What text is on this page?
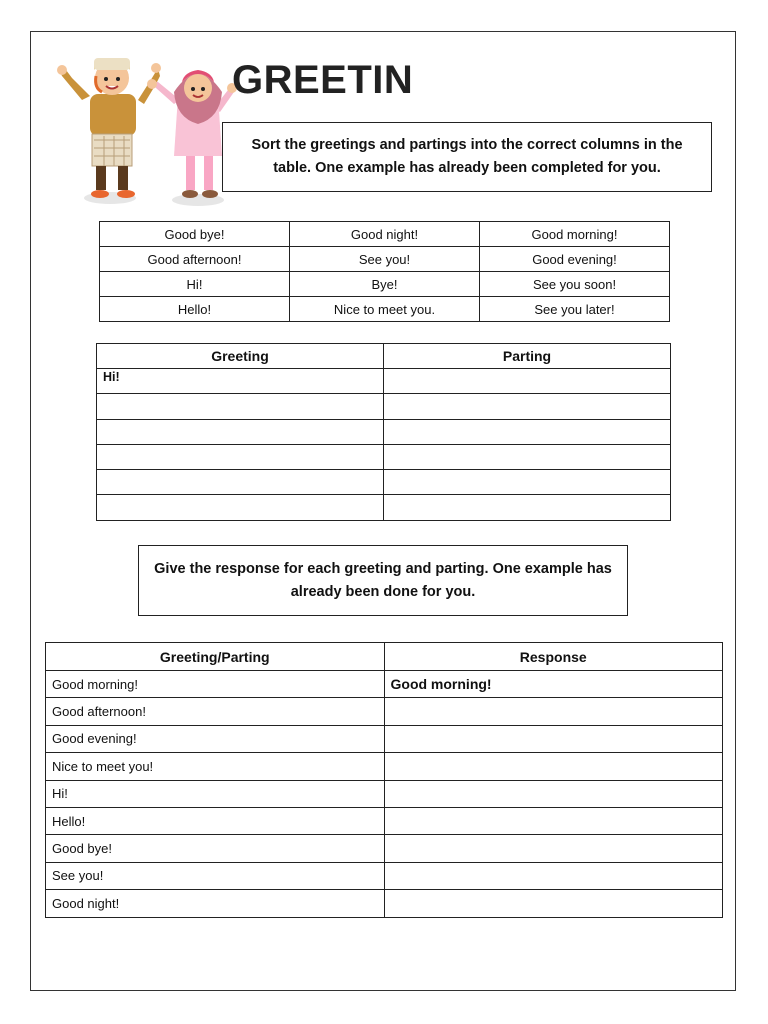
GREETIN
Sort the greetings and partings into the correct columns in the table. One example has already been completed for you.
Good bye!	Good night!	Good morning!
Good afternoon!	See you!	Good evening!
Hi!	Bye!	See you soon!
Hello!	Nice to meet you.	See you later!
Greeting	Parting
Hi!	

Give the response for each greeting and parting. One example has already been done for you.
Greeting/Parting	Response
Good morning!	Good morning!
Good afternoon!	
Good evening!	
Nice to meet you!	
Hi!	
Hello!	
Good bye!	
See you!	
Good night!	
